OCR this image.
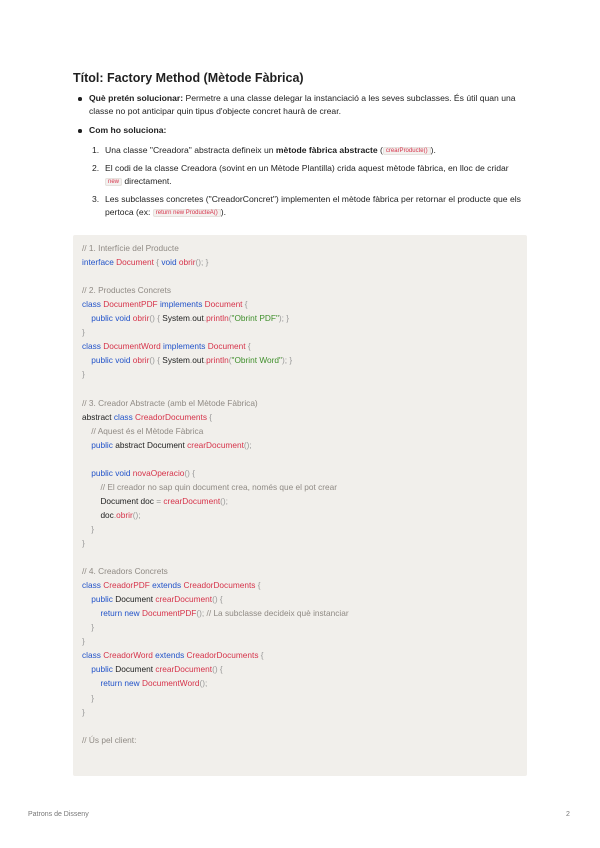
Títol: Factory Method (Mètode Fàbrica)
Què pretén solucionar: Permetre a una classe delegar la instanciació a les seves subclasses. És útil quan una classe no pot anticipar quin tipus d'objecte concret haurà de crear.
Com ho soluciona:
1. Una classe "Creadora" abstracta defineix un mètode fàbrica abstracte ( crearProducte() ).
2. El codi de la classe Creadora (sovint en un Mètode Plantilla) crida aquest mètode fàbrica, en lloc de cridar new directament.
3. Les subclasses concretes ("CreadorConcret") implementen el mètode fàbrica per retornar el producte que els pertoca (ex: return new ProducteA() ).
// 1. Interfície del Producte
interface Document { void obrir(); }
// 2. Productes Concrets
class DocumentPDF implements Document {
public void obrir() { System.out.println("Obrint PDF"); }
}
class DocumentWord implements Document {
public void obrir() { System.out.println("Obrint Word"); }
}
// 3. Creador Abstracte (amb el Mètode Fàbrica)
abstract class CreadorDocuments {
// Aquest és el Mètode Fàbrica
public abstract Document crearDocument();
public void novaOperacio() {
// El creador no sap quin document crea, només que el pot crear
Document doc = crearDocument();
doc.obrir();
}
}
// 4. Creadors Concrets
class CreadorPDF extends CreadorDocuments {
public Document crearDocument() {
return new DocumentPDF(); // La subclasse decideix què instanciar
}
}
class CreadorWord extends CreadorDocuments {
public Document crearDocument() {
return new DocumentWord();
}
}
// Ús pel client:
Patrons de Disseny	2
